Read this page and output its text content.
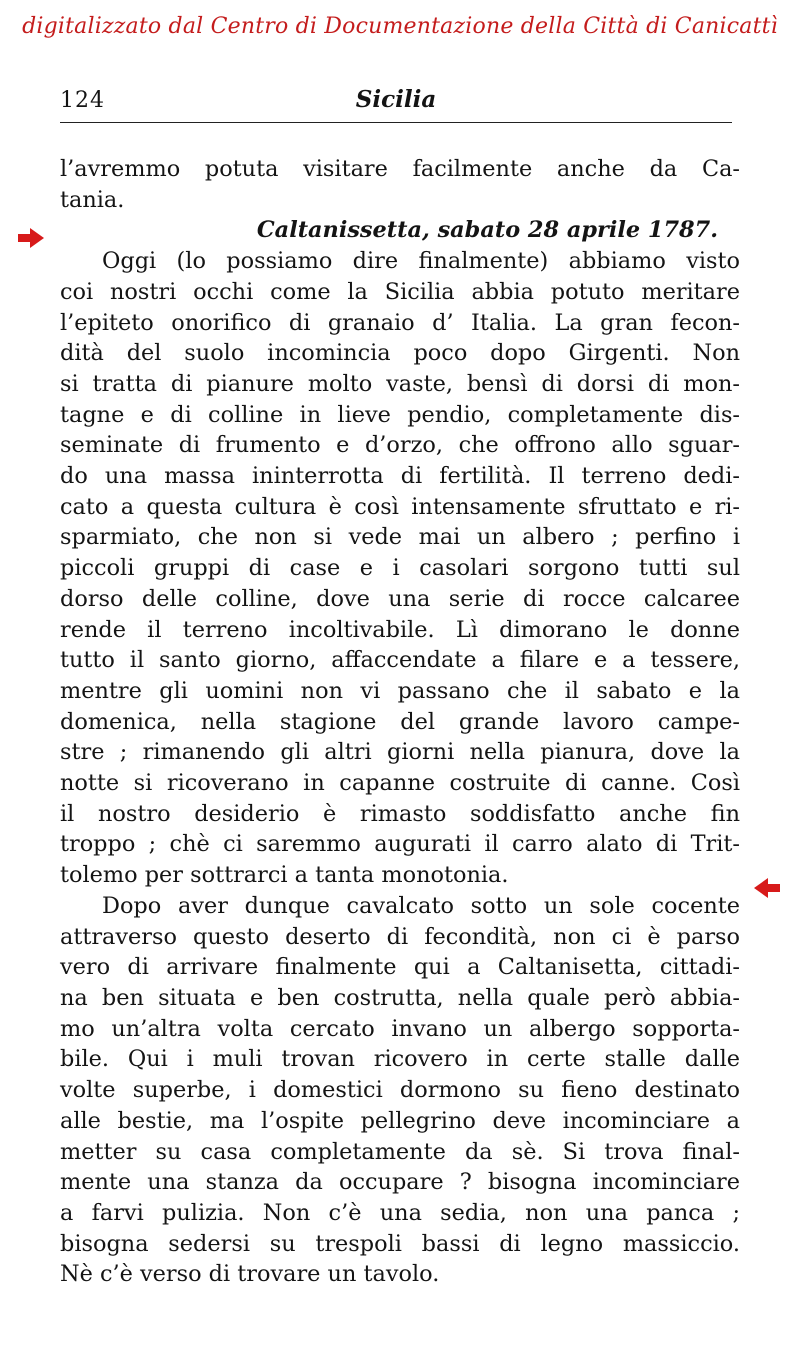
digitalizzato dal Centro di Documentazione della Città di Canicattì
124	Sicilia
l’avremmo potuta visitare facilmente anche da Ca-
tania.
Caltanissetta, sabato 28 aprile 1787.
Oggi (lo possiamo dire finalmente) abbiamo visto
coi nostri occhi come la Sicilia abbia potuto meritare
l’epiteto onorifico di granaio d’ Italia. La gran fecon-
dità del suolo incomincia poco dopo Girgenti. Non
si tratta di pianure molto vaste, bensì di dorsi di mon-
tagne e di colline in lieve pendio, completamente dis-
seminate di frumento e d’orzo, che offrono allo sguar-
do una massa ininterrotta di fertilità. Il terreno dedi-
cato a questa cultura è così intensamente sfruttato e ri-
sparmiato, che non si vede mai un albero ; perfino i
piccoli gruppi di case e i casolari sorgono tutti sul
dorso delle colline, dove una serie di rocce calcaree
rende il terreno incoltivabile. Lì dimorano le donne
tutto il santo giorno, affaccendate a filare e a tessere,
mentre gli uomini non vi passano che il sabato e la
domenica, nella stagione del grande lavoro campe-
stre ; rimanendo gli altri giorni nella pianura, dove la
notte si ricoverano in capanne costruite di canne. Così
il nostro desiderio è rimasto soddisfatto anche fin
troppo ; chè ci saremmo augurati il carro alato di Trit-
tolemo per sottrarci a tanta monotonia.
Dopo aver dunque cavalcato sotto un sole cocente
attraverso questo deserto di fecondità, non ci è parso
vero di arrivare finalmente qui a Caltanisetta, cittadi-
na ben situata e ben costrutta, nella quale però abbia-
mo un’altra volta cercato invano un albergo sopporta-
bile. Qui i muli trovan ricovero in certe stalle dalle
volte superbe, i domestici dormono su fieno destinato
alle bestie, ma l’ospite pellegrino deve incominciare a
metter su casa completamente da sè. Si trova final-
mente una stanza da occupare ? bisogna incominciare
a farvi pulizia. Non c’è una sedia, non una panca ;
bisogna sedersi su trespoli bassi di legno massiccio.
Nè c’è verso di trovare un tavolo.
